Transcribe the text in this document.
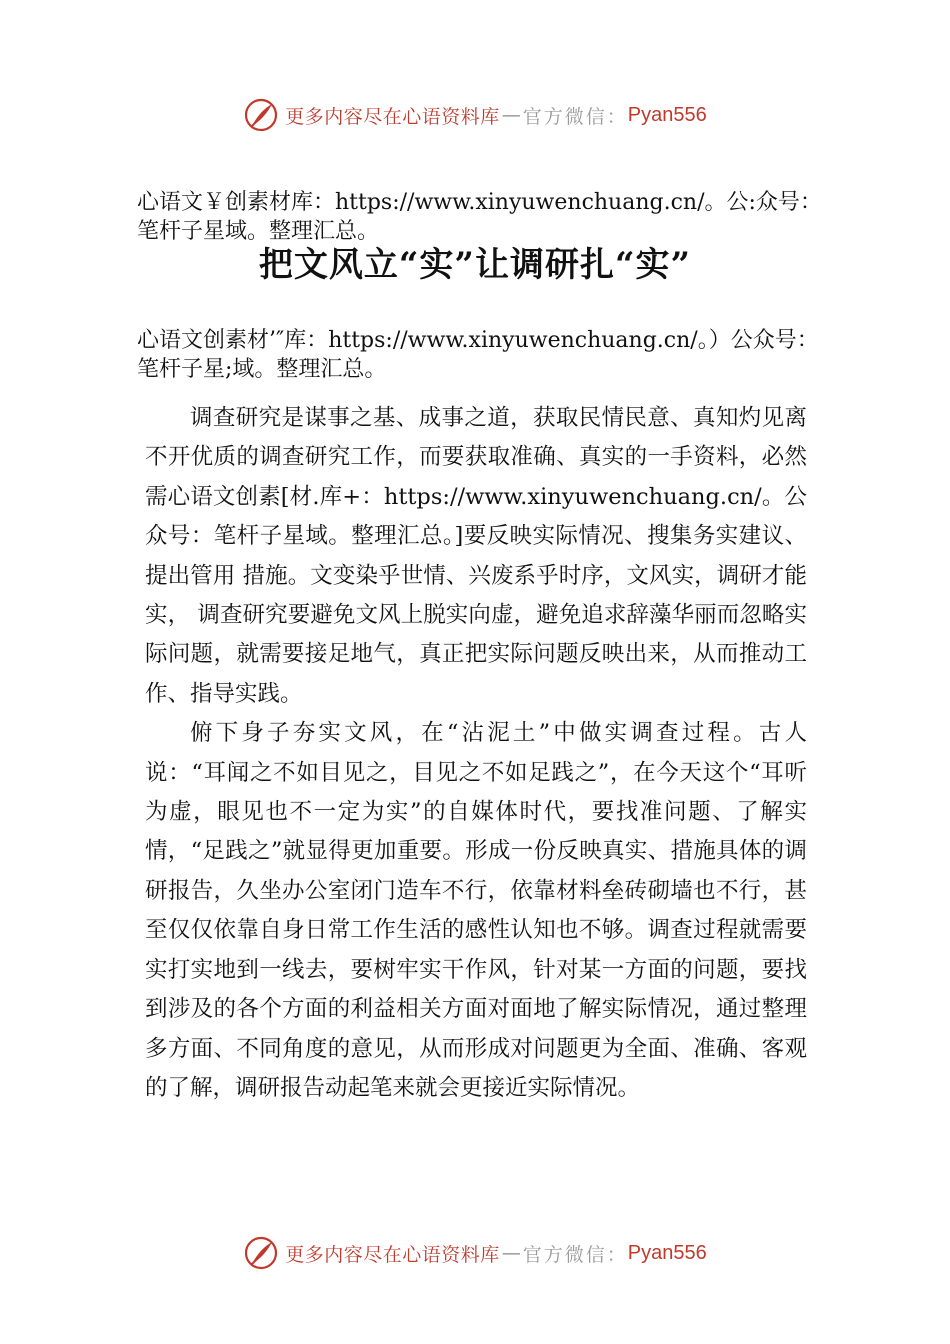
更多内容尽在心语资料库 — 官方微信： Pyan556
心语文￥创素材库：https://www.xinyuwenchuang.cn/。公:众号：笔杆子星域。整理汇总。
把文风立“实”让调研扎“实”
心语文创素材’″库：https://www.xinyuwenchuang.cn/。）公众号：笔杆子星;域。整理汇总。

调查研究是谋事之基、成事之道，获取民情民意、真知灼见离不开优质的调查研究工作，而要获取准确、真实的一手资料，必然需心语文创素[材.库+：https://www.xinyuwenchuang.cn/。公众号：笔杆子星域。整理汇总。]要反映实际情况、搜集务实建议、提出管用 措施。文变染乎世情、兴废系乎时序，文风实，调研才能实， 调查研究要避免文风上脱实向虚，避免追求辞藻华丽而忽略实际问题，就需要接足地气，真正把实际问题反映出来，从而推动工作、指导实践。

俯下身子夯实文风，在“沾泥土”中做实调查过程。古人说：“耳闻之不如目见之，目见之不如足践之”，在今天这个“耳听为虚，眼见也不一定为实”的自媒体时代，要找准问题、了解实情，“足践之”就显得更加重要。形成一份反映真实、措施具体的调研报告，久坐办公室闭门造车不行，依靠材料垒砖砌墙也不行，甚至仅仅依靠自身日常工作生活的感性认知也不够。调查过程就需要实打实地到一线去，要树牢实干作风，针对某一方面的问题，要找到涉及的各个方面的利益相关方面对面地了解实际情况，通过整理多方面、不同角度的意见，从而形成对问题更为全面、准确、客观的了解，调研报告动起笔来就会更接近实际情况。

更多内容尽在心语资料库 — 官方微信： Pyan556
